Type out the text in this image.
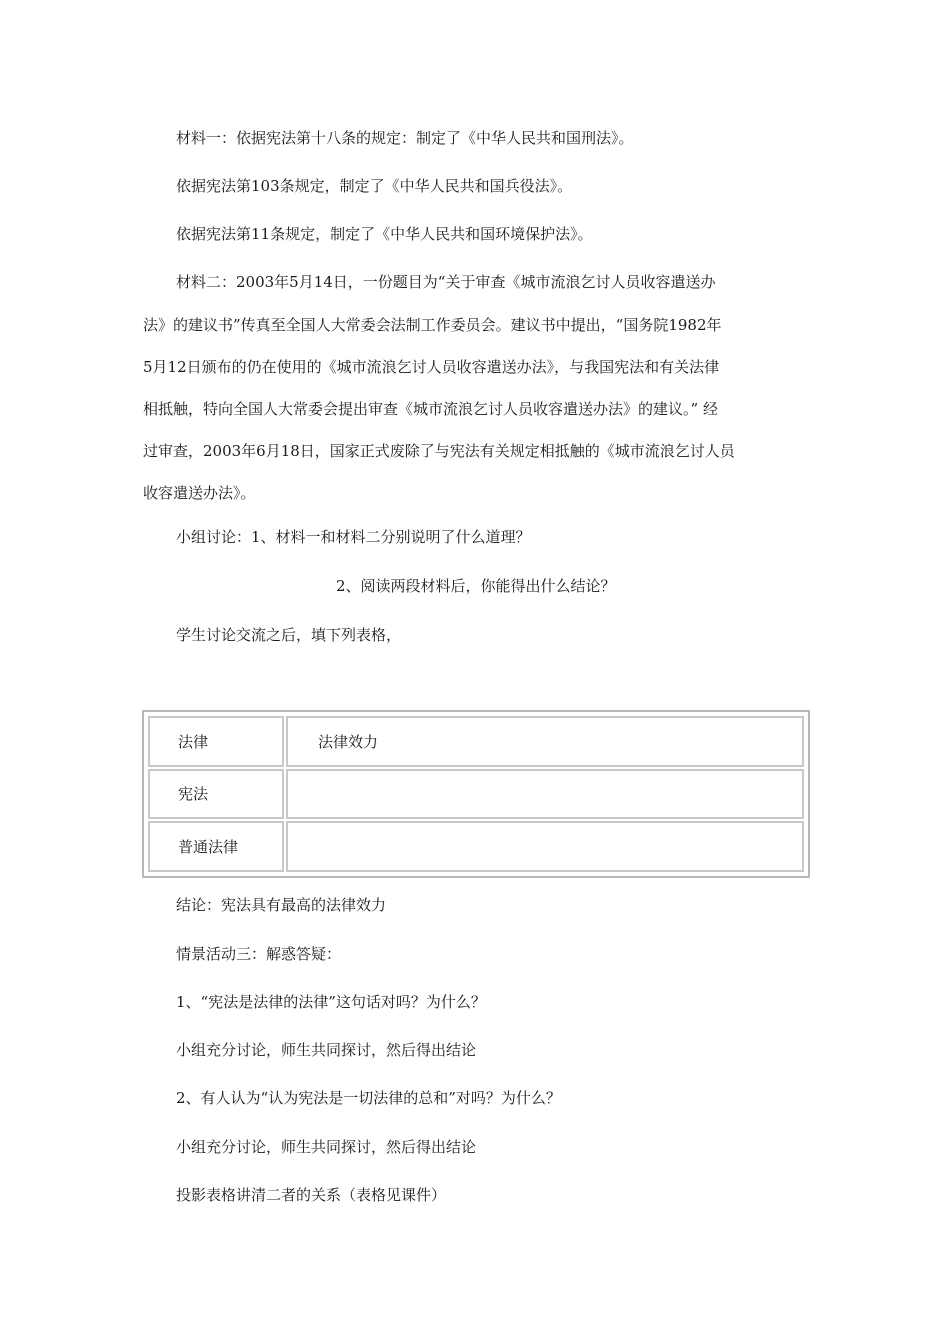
材料一：依据宪法第十八条的规定：制定了《中华人民共和国刑法》。
依据宪法第103条规定，制定了《中华人民共和国兵役法》。
依据宪法第11条规定，制定了《中华人民共和国环境保护法》。
材料二：2003年5月14日，一份题目为“关于审查《城市流浪乞讨人员收容遣送办
法》的建议书”传真至全国人大常委会法制工作委员会。建议书中提出，“国务院1982年
5月12日颁布的仍在使用的《城市流浪乞讨人员收容遣送办法》，与我国宪法和有关法律
相抵触，特向全国人大常委会提出审查《城市流浪乞讨人员收容遣送办法》的建议。” 经
过审查，2003年6月18日，国家正式废除了与宪法有关规定相抵触的《城市流浪乞讨人员
收容遣送办法》。
小组讨论：1、材料一和材料二分别说明了什么道理？
2、阅读两段材料后，你能得出什么结论？
学生讨论交流之后，填下列表格，
法律	法律效力
宪法	
普通法律	
结论：宪法具有最高的法律效力
情景活动三：解惑答疑：
1、“宪法是法律的法律”这句话对吗？为什么？
小组充分讨论，师生共同探讨，然后得出结论
2、有人认为“认为宪法是一切法律的总和”对吗？为什么？
小组充分讨论，师生共同探讨，然后得出结论
投影表格讲清二者的关系（表格见课件）
